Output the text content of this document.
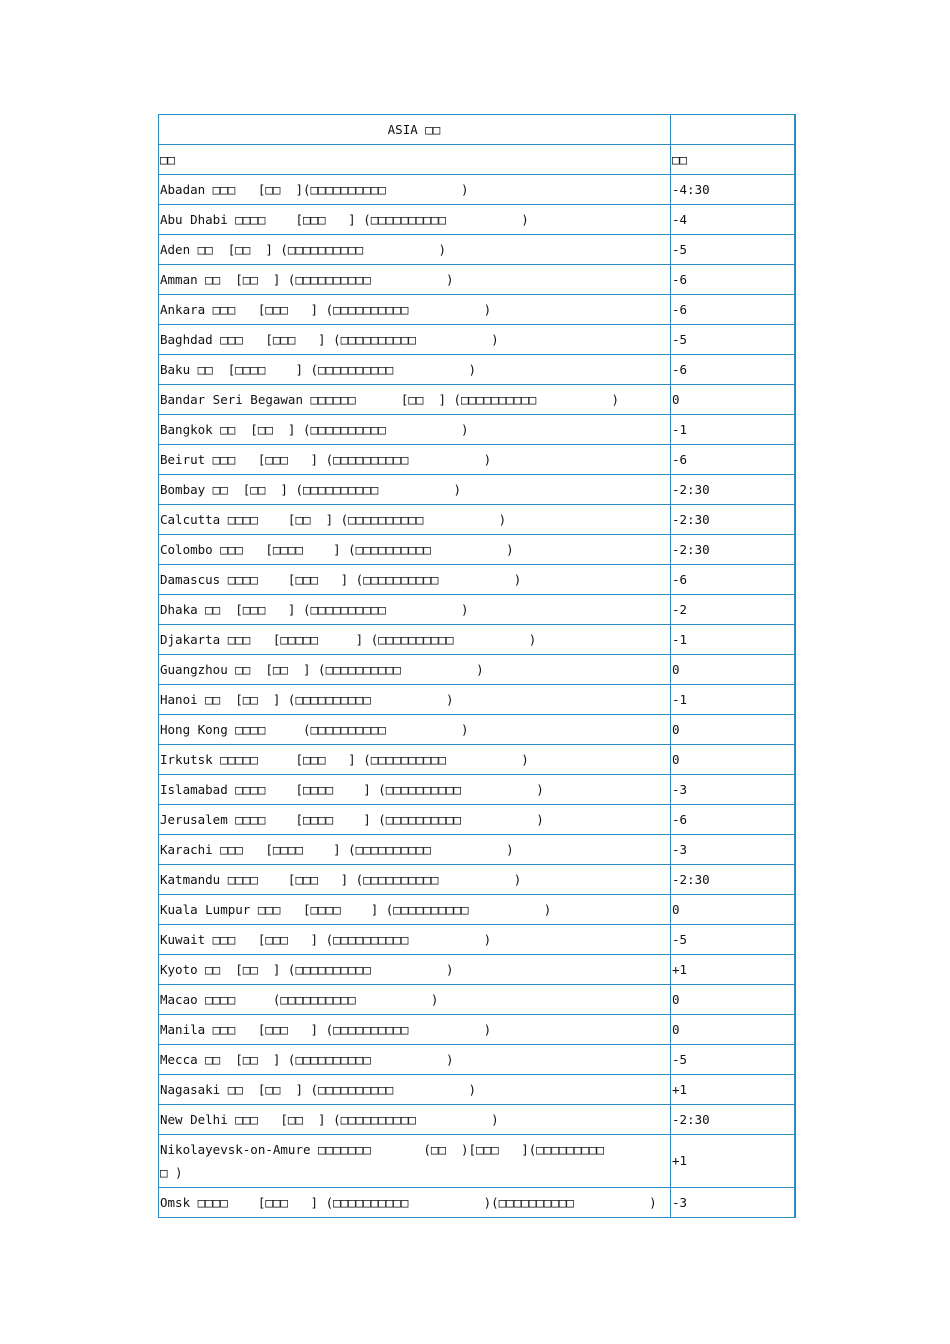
ASIA □□	
□□	□□
Abadan □□□   [□□  ](□□□□□□□□□□          )	-4:30
Abu Dhabi □□□□    [□□□   ] (□□□□□□□□□□          )	-4
Aden □□  [□□  ] (□□□□□□□□□□          )	-5
Amman □□  [□□  ] (□□□□□□□□□□          )	-6
Ankara □□□   [□□□   ] (□□□□□□□□□□          )	-6
Baghdad □□□   [□□□   ] (□□□□□□□□□□          )	-5
Baku □□  [□□□□    ] (□□□□□□□□□□          )	-6
Bandar Seri Begawan □□□□□□      [□□  ] (□□□□□□□□□□          )	0
Bangkok □□  [□□  ] (□□□□□□□□□□          )	-1
Beirut □□□   [□□□   ] (□□□□□□□□□□          )	-6
Bombay □□  [□□  ] (□□□□□□□□□□          )	-2:30
Calcutta □□□□    [□□  ] (□□□□□□□□□□          )	-2:30
Colombo □□□   [□□□□    ] (□□□□□□□□□□          )	-2:30
Damascus □□□□    [□□□   ] (□□□□□□□□□□          )	-6
Dhaka □□  [□□□   ] (□□□□□□□□□□          )	-2
Djakarta □□□   [□□□□□     ] (□□□□□□□□□□          )	-1
Guangzhou □□  [□□  ] (□□□□□□□□□□          )	0
Hanoi □□  [□□  ] (□□□□□□□□□□          )	-1
Hong Kong □□□□     (□□□□□□□□□□          )	0
Irkutsk □□□□□     [□□□   ] (□□□□□□□□□□          )	0
Islamabad □□□□    [□□□□    ] (□□□□□□□□□□          )	-3
Jerusalem □□□□    [□□□□    ] (□□□□□□□□□□          )	-6
Karachi □□□   [□□□□    ] (□□□□□□□□□□          )	-3
Katmandu □□□□    [□□□   ] (□□□□□□□□□□          )	-2:30
Kuala Lumpur □□□   [□□□□    ] (□□□□□□□□□□          )	0
Kuwait □□□   [□□□   ] (□□□□□□□□□□          )	-5
Kyoto □□  [□□  ] (□□□□□□□□□□          )	+1
Macao □□□□     (□□□□□□□□□□          )	0
Manila □□□   [□□□   ] (□□□□□□□□□□          )	0
Mecca □□  [□□  ] (□□□□□□□□□□          )	-5
Nagasaki □□  [□□  ] (□□□□□□□□□□          )	+1
New Delhi □□□   [□□  ] (□□□□□□□□□□          )	-2:30
Nikolayevsk-on-Amure □□□□□□□       (□□  )[□□□   ](□□□□□□□□□
□ )	+1
Omsk □□□□    [□□□   ] (□□□□□□□□□□          )(□□□□□□□□□□          )	-3
